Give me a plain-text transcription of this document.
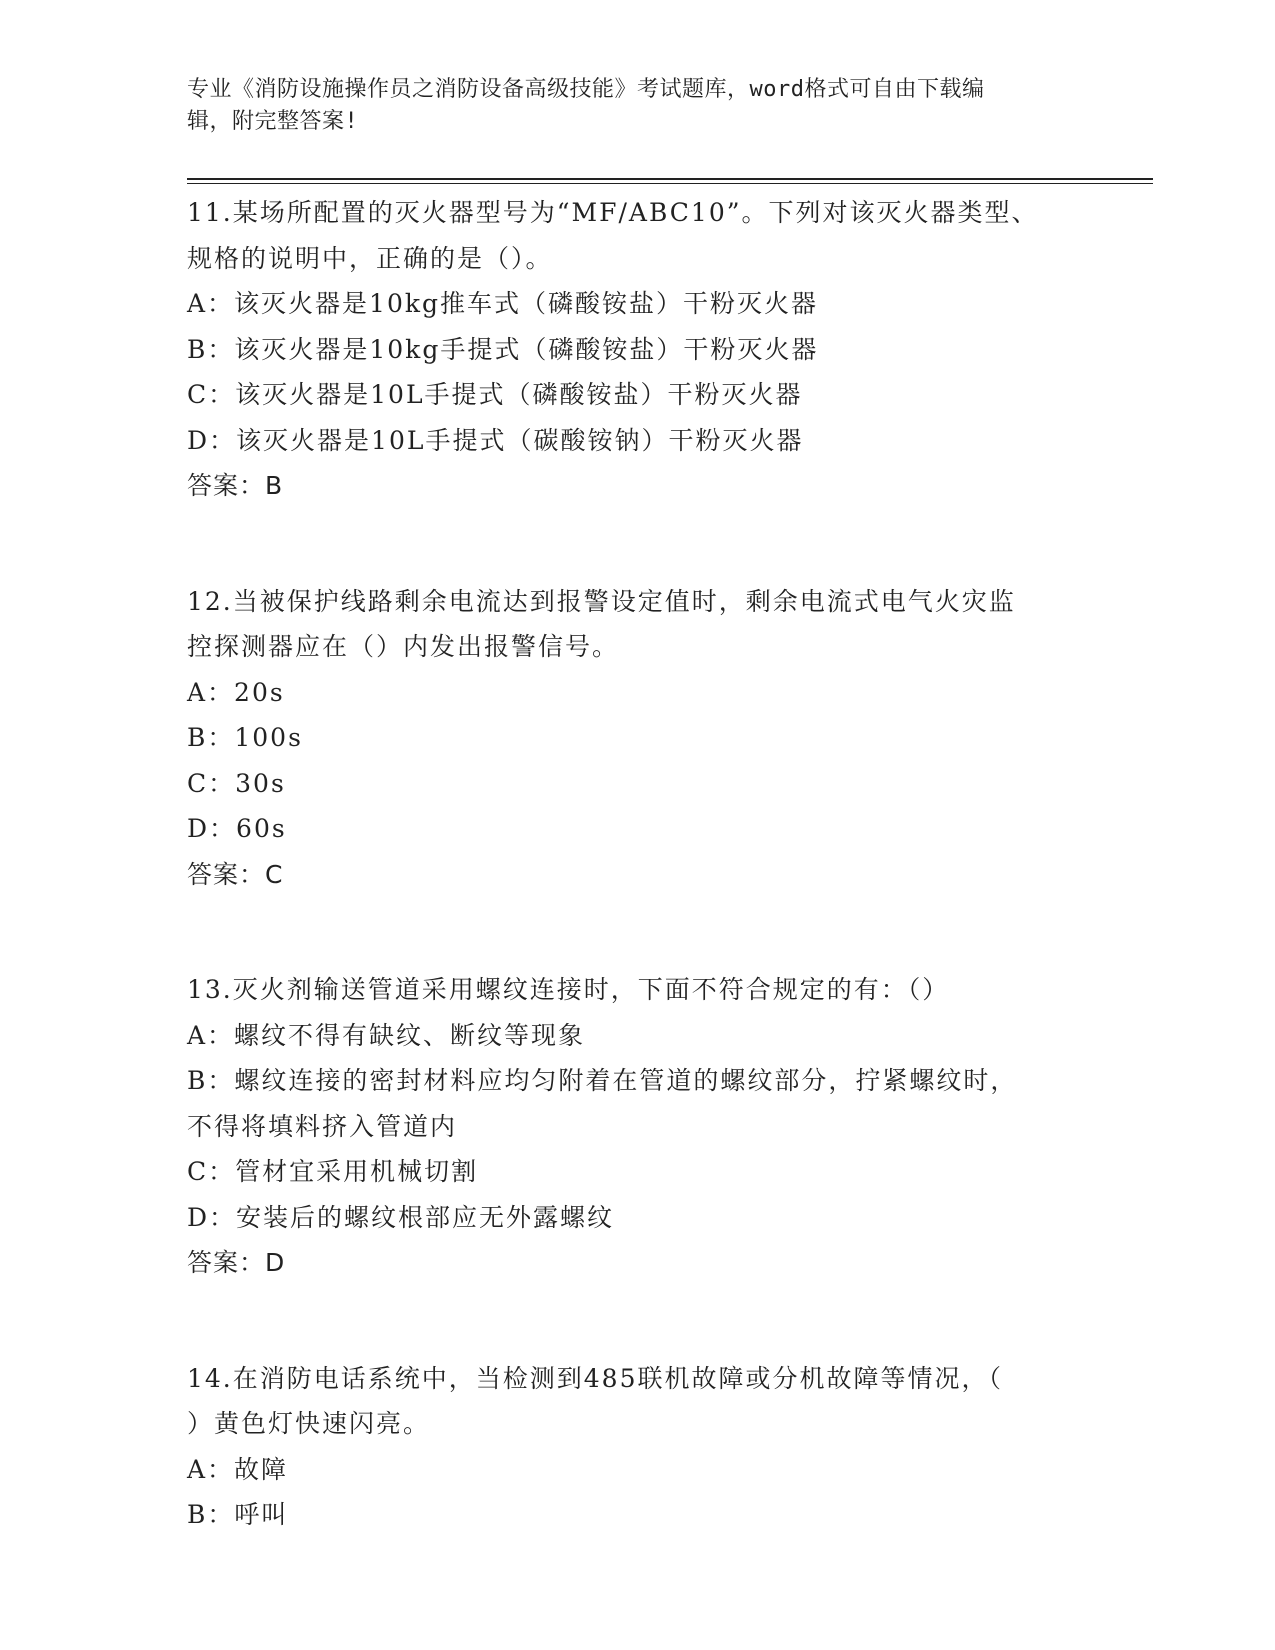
专业《消防设施操作员之消防设备高级技能》考试题库，word格式可自由下载编
辑，附完整答案!

11.某场所配置的灭火器型号为“MF/ABC10”。下列对该灭火器类型、

规格的说明中，正确的是（）。

A：该灭火器是10kg推车式（磷酸铵盐）干粉灭火器

B：该灭火器是10kg手提式（磷酸铵盐）干粉灭火器

C：该灭火器是10L手提式（磷酸铵盐）干粉灭火器

D：该灭火器是10L手提式（碳酸铵钠）干粉灭火器

答案：B

12.当被保护线路剩余电流达到报警设定值时，剩余电流式电气火灾监

控探测器应在（）内发出报警信号。

A：20s

B：100s

C：30s

D：60s

答案：C

13.灭火剂输送管道采用螺纹连接时，下面不符合规定的有：（）

A：螺纹不得有缺纹、断纹等现象

B：螺纹连接的密封材料应均匀附着在管道的螺纹部分，拧紧螺纹时，

不得将填料挤入管道内

C：管材宜采用机械切割

D：安装后的螺纹根部应无外露螺纹

答案：D

14.在消防电话系统中，当检测到485联机故障或分机故障等情况，（

）黄色灯快速闪亮。

A：故障

B：呼叫
